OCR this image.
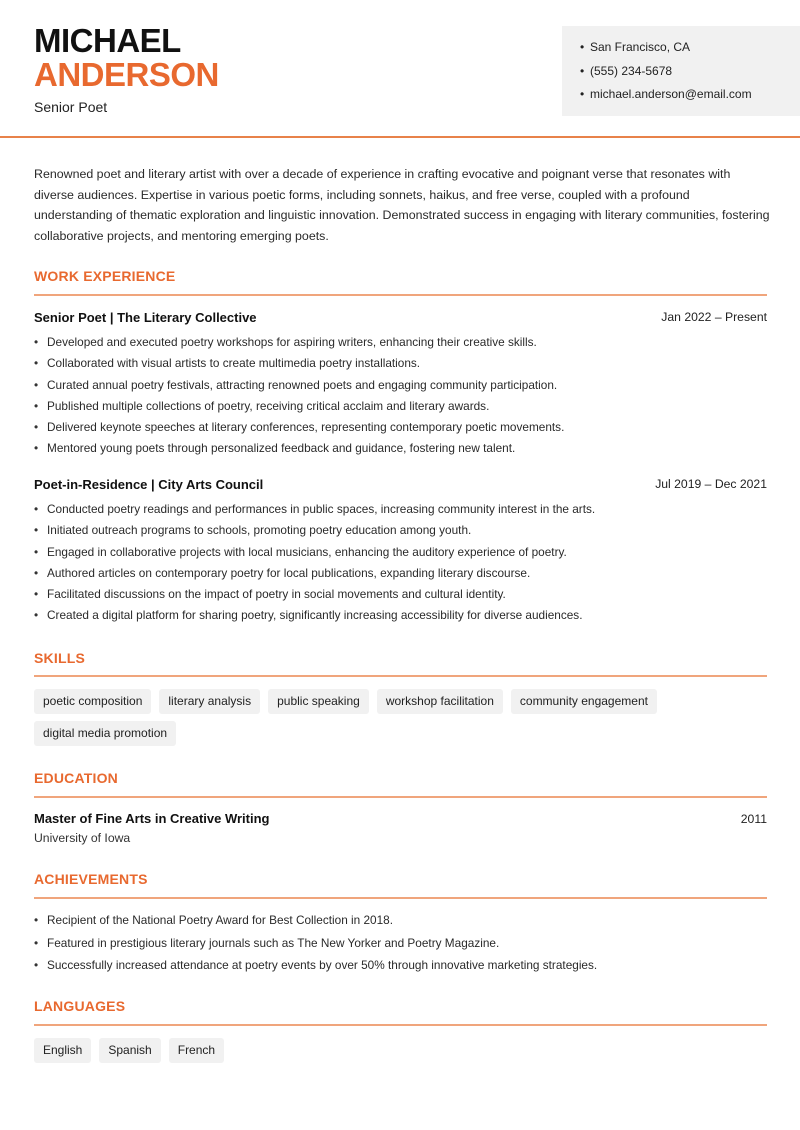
MICHAEL
ANDERSON
Senior Poet
• San Francisco, CA
• (555) 234-5678
• michael.anderson@email.com

Renowned poet and literary artist with over a decade of experience in crafting evocative and poignant verse that resonates with diverse audiences. Expertise in various poetic forms, including sonnets, haikus, and free verse, coupled with a profound understanding of thematic exploration and linguistic innovation. Demonstrated success in engaging with literary communities, fostering collaborative projects, and mentoring emerging poets.

WORK EXPERIENCE
Senior Poet | The Literary Collective	Jan 2022 – Present
• Developed and executed poetry workshops for aspiring writers, enhancing their creative skills.
• Collaborated with visual artists to create multimedia poetry installations.
• Curated annual poetry festivals, attracting renowned poets and engaging community participation.
• Published multiple collections of poetry, receiving critical acclaim and literary awards.
• Delivered keynote speeches at literary conferences, representing contemporary poetic movements.
• Mentored young poets through personalized feedback and guidance, fostering new talent.
Poet-in-Residence | City Arts Council	Jul 2019 – Dec 2021
• Conducted poetry readings and performances in public spaces, increasing community interest in the arts.
• Initiated outreach programs to schools, promoting poetry education among youth.
• Engaged in collaborative projects with local musicians, enhancing the auditory experience of poetry.
• Authored articles on contemporary poetry for local publications, expanding literary discourse.
• Facilitated discussions on the impact of poetry in social movements and cultural identity.
• Created a digital platform for sharing poetry, significantly increasing accessibility for diverse audiences.
SKILLS
poetic composition	literary analysis	public speaking	workshop facilitation	community engagement
digital media promotion
EDUCATION
Master of Fine Arts in Creative Writing	2011
University of Iowa
ACHIEVEMENTS
• Recipient of the National Poetry Award for Best Collection in 2018.
• Featured in prestigious literary journals such as The New Yorker and Poetry Magazine.
• Successfully increased attendance at poetry events by over 50% through innovative marketing strategies.
LANGUAGES
English	Spanish	French
